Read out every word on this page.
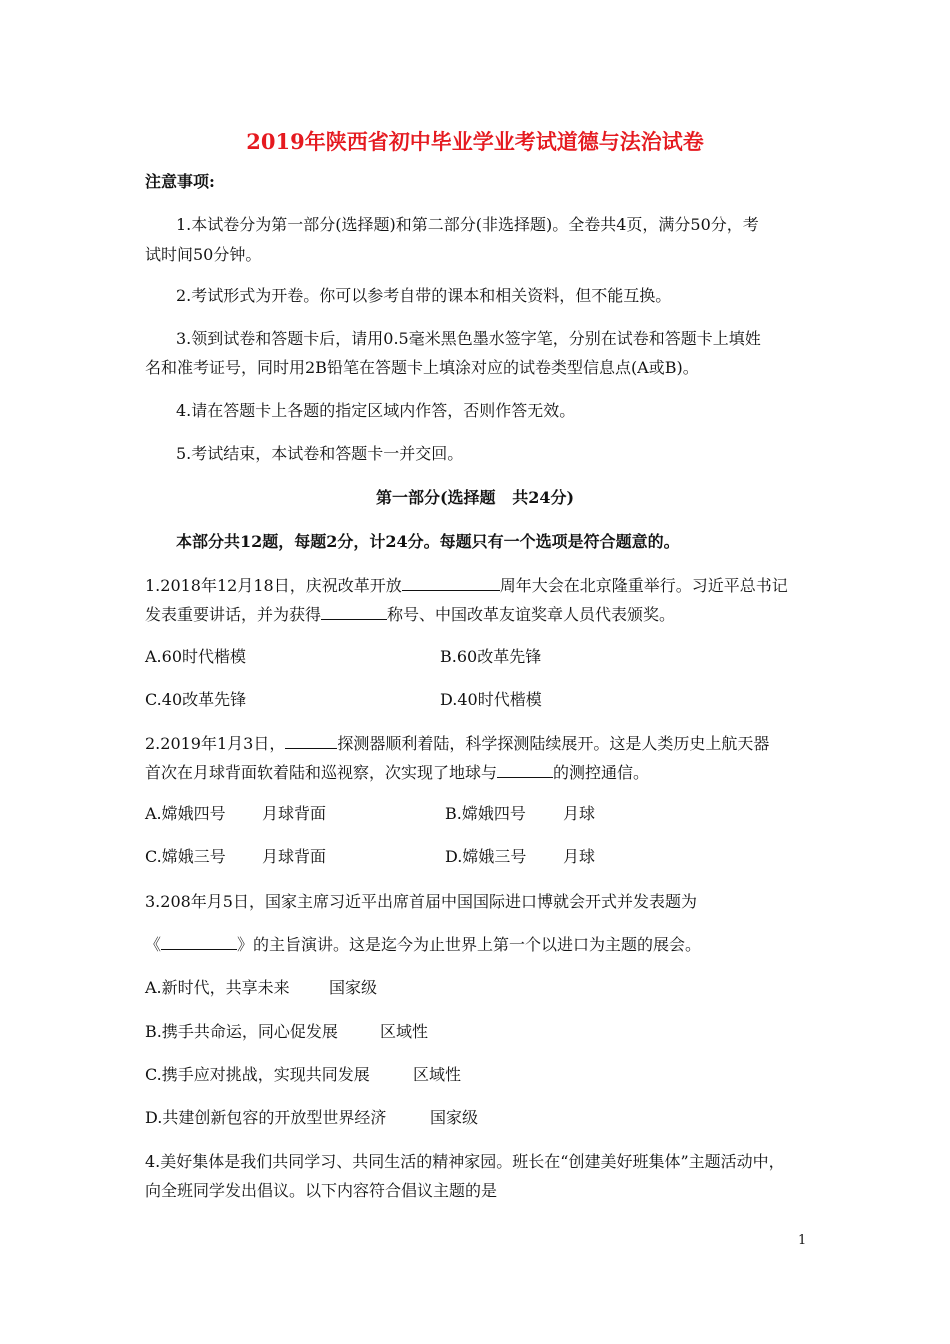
2019年陕西省初中毕业学业考试道德与法治试卷
注意事项:
1.本试卷分为第一部分(选择题)和第二部分(非选择题)。全卷共4页，满分50分，考
试时间50分钟。
2.考试形式为开卷。你可以参考自带的课本和相关资料，但不能互换。
3.领到试卷和答题卡后，请用0.5毫米黑色墨水签字笔，分别在试卷和答题卡上填姓
名和准考证号，同时用2B铅笔在答题卡上填涂对应的试卷类型信息点(A或B)。
4.请在答题卡上各题的指定区域内作答，否则作答无效。
5.考试结束，本试卷和答题卡一并交回。
第一部分(选择题   共24分)
本部分共12题，每题2分，计24分。每题只有一个选项是符合题意的。
1.2018年12月18日，庆祝改革开放	周年大会在北京隆重举行。习近平总书记
发表重要讲话，并为获得	称号、中国改革友谊奖章人员代表颁奖。
A.60时代楷模	B.60改革先锋
C.40改革先锋	D.40时代楷模
2.2019年1月3日，	探测器顺利着陆，科学探测陆续展开。这是人类历史上航天器
首次在月球背面软着陆和巡视察，次实现了地球与	的测控通信。
A.嫦娥四号 月球背面	B.嫦娥四号 月球
C.嫦娥三号 月球背面	D.嫦娥三号 月球
3.208年月5日，国家主席习近平出席首届中国国际进口博就会开式并发表题为
《	》的主旨演讲。这是迄今为止世界上第一个以进口为主题的展会。
A.新时代，共享未来 国家级
B.携手共命运，同心促发展	区域性
C.携手应对挑战，实现共同发展	区域性
D.共建创新包容的开放型世界经济	国家级
4.美好集体是我们共同学习、共同生活的精神家园。班长在“创建美好班集体”主题活动中，
向全班同学发出倡议。以下内容符合倡议主题的是
1
